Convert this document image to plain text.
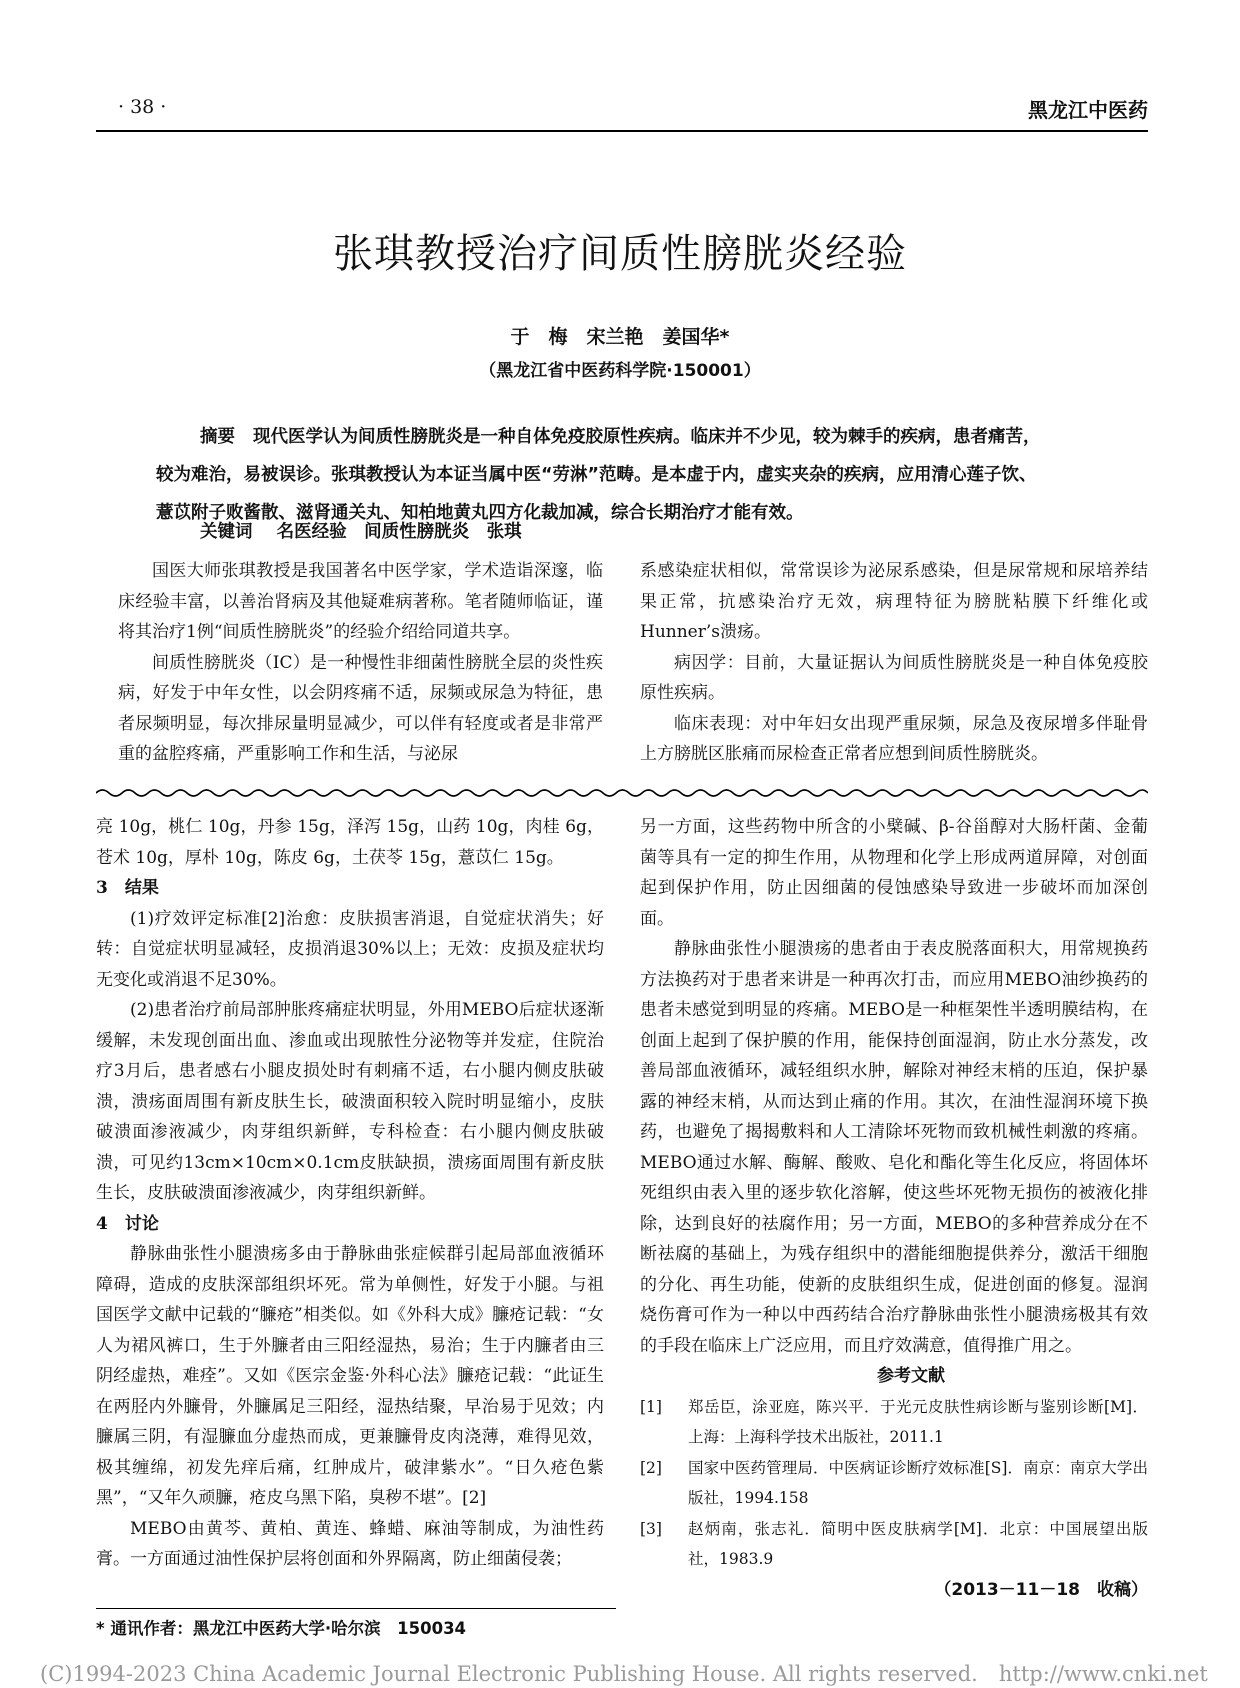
· 38 ·	黑龙江中医药
张琪教授治疗间质性膀胱炎经验
于　梅　宋兰艳　姜国华*
（黑龙江省中医药科学院·150001）
摘要 现代医学认为间质性膀胱炎是一种自体免疫胶原性疾病。临床并不少见，较为棘手的疾病，患者痛苦，
较为难治，易被误诊。张琪教授认为本证当属中医“劳淋”范畴。是本虚于内，虚实夹杂的疾病，应用清心莲子饮、
薏苡附子败酱散、滋肾通关丸、知柏地黄丸四方化裁加减，综合长期治疗才能有效。
关键词 名医经验　间质性膀胱炎　张琪

国医大师张琪教授是我国著名中医学家，学术造诣深邃，临床经验丰富，以善治肾病及其他疑难病著称。笔者随师临证，谨将其治疗1例“间质性膀胱炎”的经验介绍给同道共享。

间质性膀胱炎（IC）是一种慢性非细菌性膀胱全层的炎性疾病，好发于中年女性，以会阴疼痛不适，尿频或尿急为特征，患者尿频明显，每次排尿量明显减少，可以伴有轻度或者是非常严重的盆腔疼痛，严重影响工作和生活，与泌尿

系感染症状相似，常常误诊为泌尿系感染，但是尿常规和尿培养结果正常，抗感染治疗无效，病理特征为膀胱粘膜下纤维化或Hunner’s溃疡。

病因学：目前，大量证据认为间质性膀胱炎是一种自体免疫胶原性疾病。

临床表现：对中年妇女出现严重尿频，尿急及夜尿增多伴耻骨上方膀胱区胀痛而尿检查正常者应想到间质性膀胱炎。

亮 10g，桃仁 10g，丹参 15g，泽泻 15g，山药 10g，肉桂 6g，苍术 10g，厚朴 10g，陈皮 6g，土茯苓 15g，薏苡仁 15g。

3　结果

(1)疗效评定标准[2]治愈：皮肤损害消退，自觉症状消失；好转：自觉症状明显减轻，皮损消退30%以上；无效：皮损及症状均无变化或消退不足30%。

(2)患者治疗前局部肿胀疼痛症状明显，外用MEBO后症状逐渐缓解，未发现创面出血、渗血或出现脓性分泌物等并发症，住院治疗3月后，患者感右小腿皮损处时有刺痛不适，右小腿内侧皮肤破溃，溃疡面周围有新皮肤生长，破溃面积较入院时明显缩小，皮肤破溃面渗液减少，肉芽组织新鲜，专科检查：右小腿内侧皮肤破溃，可见约13cm×10cm×0.1cm皮肤缺损，溃疡面周围有新皮肤生长，皮肤破溃面渗液减少，肉芽组织新鲜。

4　讨论

静脉曲张性小腿溃疡多由于静脉曲张症候群引起局部血液循环障碍，造成的皮肤深部组织坏死。常为单侧性，好发于小腿。与祖国医学文献中记载的“臁疮”相类似。如《外科大成》臁疮记载：“女人为裙风裤口，生于外臁者由三阳经湿热，易治；生于内臁者由三阴经虚热，难痊”。又如《医宗金鉴·外科心法》臁疮记载：“此证生在两胫内外臁骨，外臁属足三阳经，湿热结聚，早治易于见效；内臁属三阴，有湿臁血分虚热而成，更兼臁骨皮肉浇薄，难得见效，极其缠绵，初发先痒后痛，红肿成片，破津紫水”。“日久疮色紫黑”，“又年久顽臁，疮皮乌黑下陷，臭秽不堪”。[2]

MEBO由黄芩、黄柏、黄连、蜂蜡、麻油等制成，为油性药膏。一方面通过油性保护层将创面和外界隔离，防止细菌侵袭；

另一方面，这些药物中所含的小檗碱、β-谷甾醇对大肠杆菌、金葡菌等具有一定的抑生作用，从物理和化学上形成两道屏障，对创面起到保护作用，防止因细菌的侵蚀感染导致进一步破坏而加深创面。

静脉曲张性小腿溃疡的患者由于表皮脱落面积大，用常规换药方法换药对于患者来讲是一种再次打击，而应用MEBO油纱换药的患者未感觉到明显的疼痛。MEBO是一种框架性半透明膜结构，在创面上起到了保护膜的作用，能保持创面湿润，防止水分蒸发，改善局部血液循环，减轻组织水肿，解除对神经末梢的压迫，保护暴露的神经末梢，从而达到止痛的作用。其次，在油性湿润环境下换药，也避免了揭揭敷料和人工清除坏死物而致机械性刺激的疼痛。MEBO通过水解、酶解、酸败、皂化和酯化等生化反应，将固体坏死组织由表入里的逐步软化溶解，使这些坏死物无损伤的被液化排除，达到良好的祛腐作用；另一方面，MEBO的多种营养成分在不断祛腐的基础上，为残存组织中的潜能细胞提供养分，激活干细胞的分化、再生功能，使新的皮肤组织生成，促进创面的修复。湿润烧伤膏可作为一种以中西药结合治疗静脉曲张性小腿溃疡极其有效的手段在临床上广泛应用，而且疗效满意，值得推广用之。

参考文献

[1] 郑岳臣，涂亚庭，陈兴平．于光元皮肤性病诊断与鉴别诊断[M]．上海：上海科学技术出版社，2011.1

[2] 国家中医药管理局．中医病证诊断疗效标准[S]．南京：南京大学出版社，1994.158

[3] 赵炳南，张志礼．简明中医皮肤病学[M]．北京：中国展望出版社，1983.9

（2013－11－18　收稿）

* 通讯作者：黑龙江中医药大学·哈尔滨　150034
(C)1994-2023 China Academic Journal Electronic Publishing House. All rights reserved.　http://www.cnki.net
